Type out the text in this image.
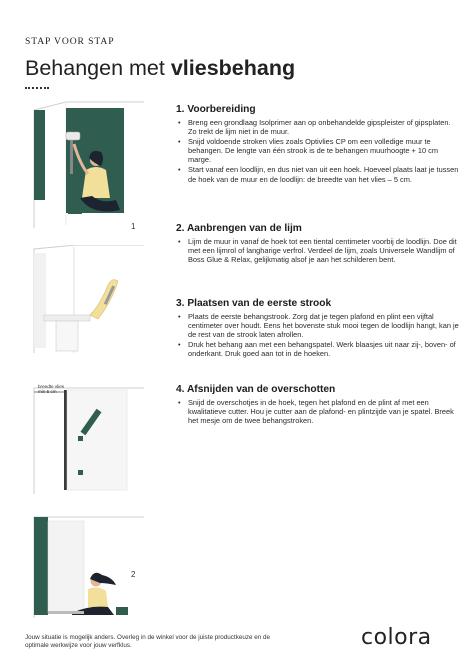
STAP VOOR STAP
Behangen met vliesbehang
1
breedte vlies
min 5 cm
2
1. Voorbereiding
• Breng een grondlaag Isolprimer aan op onbehandelde gipspleister of gipsplaten. Zo trekt de lijm niet in de muur.
• Snijd voldoende stroken vlies zoals Optivlies CP om een volledige muur te behangen. De lengte van één strook is de te behangen muurhoogte + 10 cm marge.
• Start vanaf een loodlijn, en dus niet van uit een hoek. Hoeveel plaats laat je tussen de hoek van de muur en de loodlijn: de breedte van het vlies – 5 cm.
2. Aanbrengen van de lijm
• Lijm de muur in vanaf de hoek tot een tiental centimeter voorbij de loodlijn. Doe dit met een lijmrol of langharige verfrol. Verdeel de lijm, zoals Universele Wandlijm of Boss Glue & Relax, gelijkmatig alsof je aan het schilderen bent.
3. Plaatsen van de eerste strook
• Plaats de eerste behangstrook. Zorg dat je tegen plafond en plint een vijftal centimeter over houdt. Eens het bovenste stuk mooi tegen de loodlijn hangt, kan je de rest van de strook laten afrollen.
• Druk het behang aan met een behangspatel. Werk blaasjes uit naar zij-, boven- of onderkant. Druk goed aan tot in de hoeken.
4. Afsnijden van de overschotten
• Snijd de overschotjes in de hoek, tegen het plafond en de plint af met een kwalitatieve cutter. Hou je cutter aan de plafond- en plintzijde van je spatel. Breek het mesje om de twee behangstroken.
Jouw situatie is mogelijk anders. Overleg in de winkel voor de juiste productkeuze en de optimale werkwijze voor jouw verfklus.	colora
